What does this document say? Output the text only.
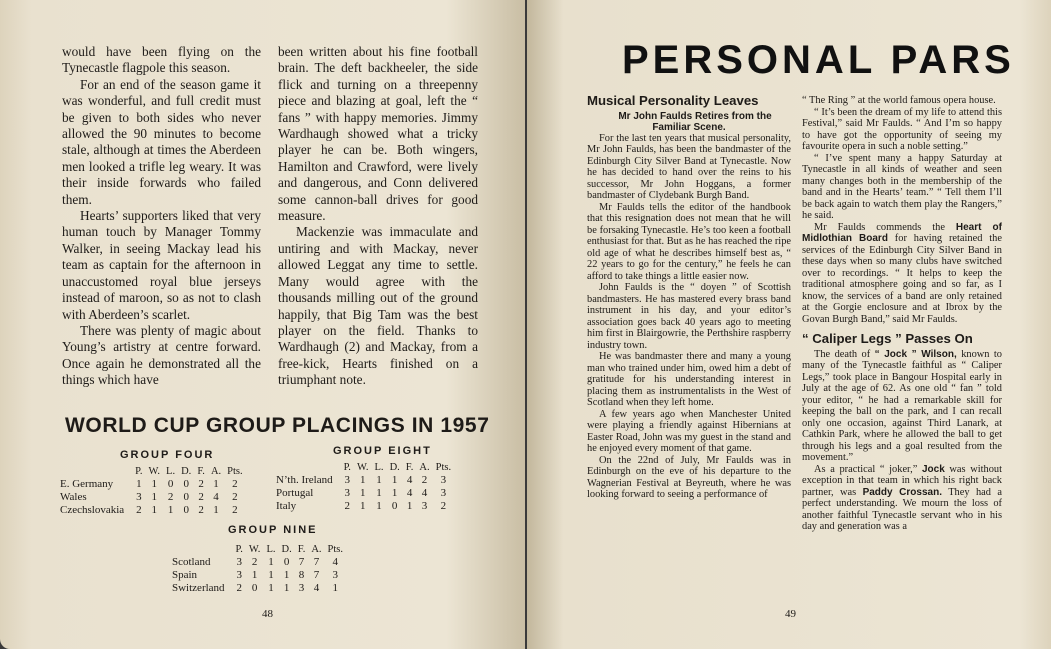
would have been flying on the Tynecastle flagpole this season.

For an end of the season game it was wonderful, and full credit must be given to both sides who never allowed the 90 minutes to become stale, although at times the Aberdeen men looked a trifle leg weary. It was their inside forwards who failed them.

Hearts’ supporters liked that very human touch by Manager Tommy Walker, in seeing Mackay lead his team as captain for the afternoon in unaccustomed royal blue jerseys instead of maroon, so as not to clash with Aberdeen’s scarlet.

There was plenty of magic about Young’s artistry at centre forward. Once again he demonstrated all the things which have

been written about his fine football brain. The deft backheeler, the side flick and turning on a threepenny piece and blazing at goal, left the “ fans ” with happy memories. Jimmy Wardhaugh showed what a tricky player he can be. Both wingers, Hamilton and Crawford, were lively and dangerous, and Conn delivered some cannon-ball drives for good measure.

Mackenzie was immaculate and untiring and with Mackay, never allowed Leggat any time to settle. Many would agree with the thousands milling out of the ground happily, that Big Tam was the best player on the field. Thanks to Wardhaugh (2) and Mackay, from a free-kick, Hearts finished on a triumphant note.

WORLD CUP GROUP PLACINGS IN 1957
GROUP FOUR	GROUP EIGHT
GROUP NINE
	P.	W.	L.	D.	F.	A.	Pts.
E. Germany	1	1	0	0	2	1	2
Wales	3	1	2	0	2	4	2
Czechslovakia	2	1	1	0	2	1	2
	P.	W.	L.	D.	F.	A.	Pts.
N’th. Ireland	3	1	1	1	4	2	3
Portugal	3	1	1	1	4	4	3
Italy	2	1	1	0	1	3	2
	P.	W.	L.	D.	F.	A.	Pts.
Scotland	3	2	1	0	7	7	4
Spain	3	1	1	1	8	7	3
Switzerland	2	0	1	1	3	4	1
48
PERSONAL PARS
Musical Personality Leaves

Mr John Faulds Retires from the Familiar Scene.

For the last ten years that musical personality, Mr John Faulds, has been the bandmaster of the Edinburgh City Silver Band at Tynecastle. Now he has decided to hand over the reins to his successor, Mr John Hoggans, a former bandmaster of Clydebank Burgh Band.

Mr Faulds tells the editor of the handbook that this resignation does not mean that he will be forsaking Tynecastle. He’s too keen a football enthusiast for that. But as he has reached the ripe old age of what he describes himself best as, “ 22 years to go for the century,” he feels he can afford to take things a little easier now.

John Faulds is the “ doyen ” of Scottish bandmasters. He has mastered every brass band instrument in his day, and your editor’s association goes back 40 years ago to meeting him first in Blairgowrie, the Perthshire raspberry industry town.

He was bandmaster there and many a young man who trained under him, owed him a debt of gratitude for his understanding interest in placing them as instrumentalists in the West of Scotland when they left home.

A few years ago when Manchester United were playing a friendly against Hibernians at Easter Road, John was my guest in the stand and he enjoyed every moment of that game.

On the 22nd of July, Mr Faulds was in Edinburgh on the eve of his departure to the Wagnerian Festival at Beyreuth, where he was looking forward to seeing a performance of

“ The Ring ” at the world famous opera house.

“ It’s been the dream of my life to attend this Festival,” said Mr Faulds. “ And I’m so happy to have got the opportunity of seeing my favourite opera in such a noble setting.”

“ I’ve spent many a happy Saturday at Tynecastle in all kinds of weather and seen many changes both in the membership of the band and in the Hearts’ team.” “ Tell them I’ll be back again to watch them play the Rangers,” he said.

Mr Faulds commends the Heart of Midlothian Board for having retained the services of the Edinburgh City Silver Band in these days when so many clubs have switched over to recordings. “ It helps to keep the traditional atmosphere going and so far, as I know, the services of a band are only retained at the Gorgie enclosure and at Ibrox by the Govan Burgh Band,” said Mr Faulds.

“ Caliper Legs ” Passes On

The death of “ Jock ” Wilson, known to many of the Tynecastle faithful as “ Caliper Legs,” took place in Bangour Hospital early in July at the age of 62. As one old “ fan ” told your editor, “ he had a remarkable skill for keeping the ball on the park, and I can recall only one occasion, against Third Lanark, at Cathkin Park, where he allowed the ball to get through his legs and a goal resulted from the movement.”

As a practical “ joker,” Jock was without exception in that team in which his right back partner, was Paddy Crossan. They had a perfect understanding. We mourn the loss of another faithful Tynecastle servant who in his day and generation was a

49
